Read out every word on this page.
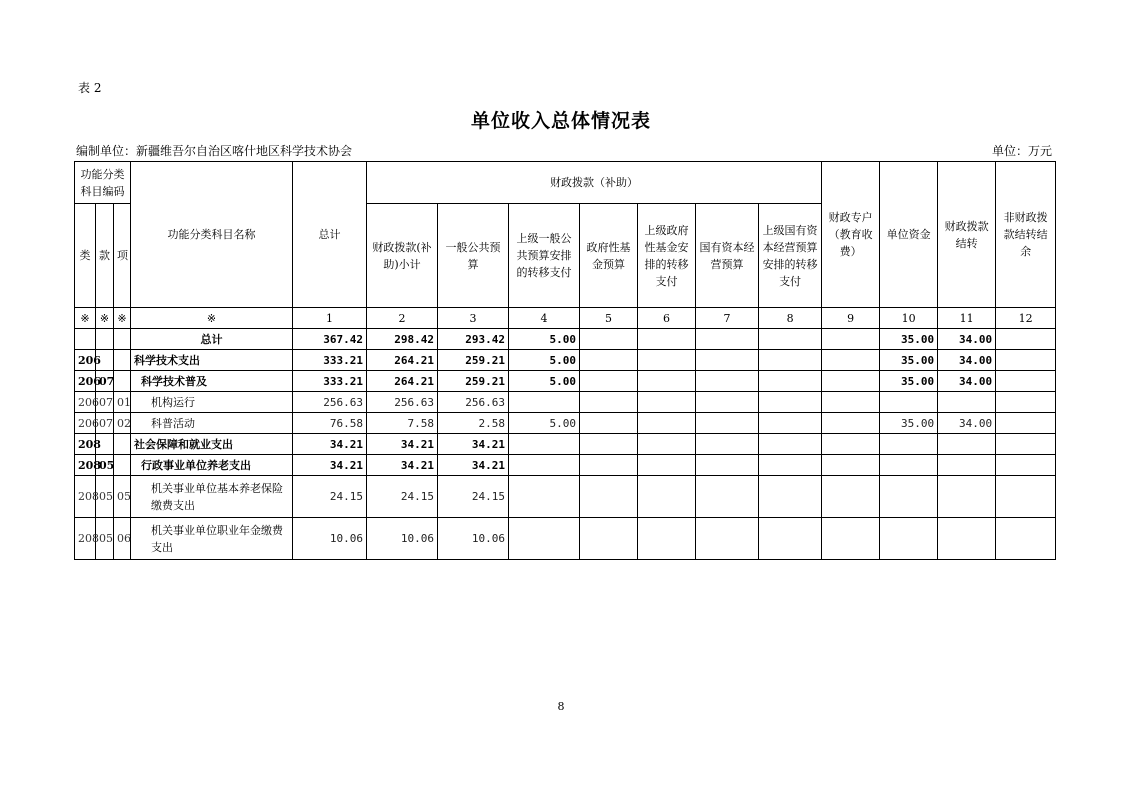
表 2
单位收入总体情况表
编制单位：新疆维吾尔自治区喀什地区科学技术协会	单位：万元
功能分类科目编码			功能分类科目名称	总计	财政拨款（补助）							财政专户（教育收费）	单位资金	财政拨款结转	非财政拨款结转结余
类	款	项			财政拨款(补助)小计	一般公共预算	上级一般公共预算安排的转移支付	政府性基金预算	上级政府性基金安排的转移支付	国有资本经营预算	上级国有资本经营预算安排的转移支付				
※	※	※	※	1	2	3	4	5	6	7	8	9	10	11	12
			总计	367.42	298.42	293.42	5.00						35.00	34.00	
206			科学技术支出	333.21	264.21	259.21	5.00						35.00	34.00	
206	07		科学技术普及	333.21	264.21	259.21	5.00						35.00	34.00	
206	07	01	机构运行	256.63	256.63	256.63									
206	07	02	科普活动	76.58	7.58	2.58	5.00						35.00	34.00	
208			社会保障和就业支出	34.21	34.21	34.21									
208	05		行政事业单位养老支出	34.21	34.21	34.21									
208	05	05	机关事业单位基本养老保险缴费支出	24.15	24.15	24.15									
208	05	06	机关事业单位职业年金缴费支出	10.06	10.06	10.06									
8
